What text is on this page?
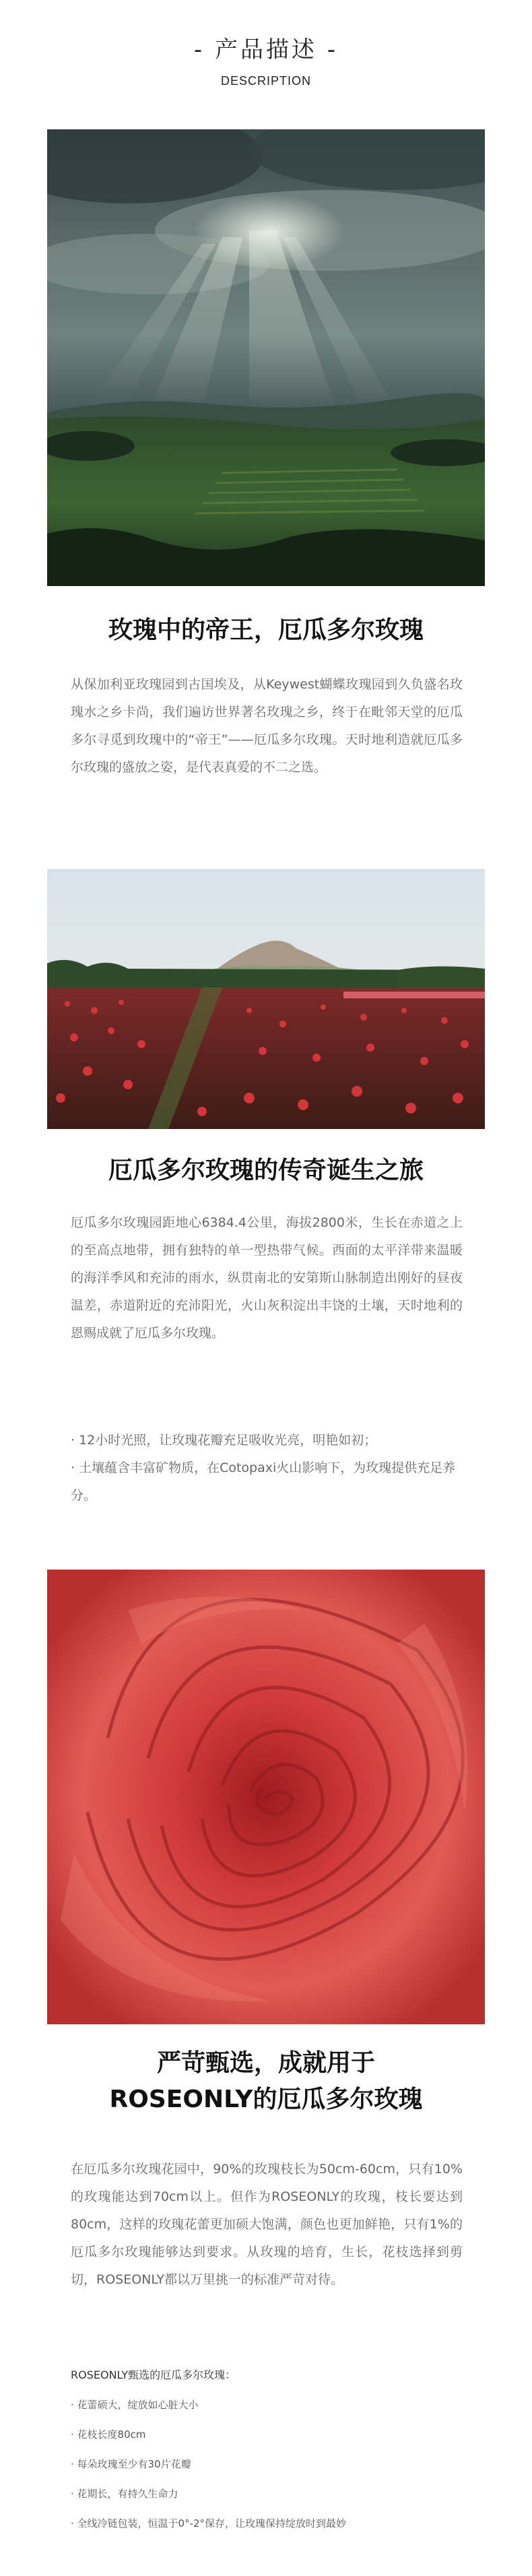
- 产品描述 -
DESCRIPTION
玫瑰中的帝王，厄瓜多尔玫瑰

从保加利亚玫瑰园到古国埃及，从Keywest蝴蝶玫瑰园到久负盛名玫瑰水之乡卡尚，我们遍访世界著名玫瑰之乡，终于在毗邻天堂的厄瓜多尔寻觅到玫瑰中的“帝王”——厄瓜多尔玫瑰。天时地利造就厄瓜多尔玫瑰的盛放之姿，是代表真爱的不二之选。

厄瓜多尔玫瑰的传奇诞生之旅

厄瓜多尔玫瑰园距地心6384.4公里，海拔2800米，生长在赤道之上的至高点地带，拥有独特的单一型热带气候。西面的太平洋带来温暖的海洋季风和充沛的雨水，纵贯南北的安第斯山脉制造出刚好的昼夜温差，赤道附近的充沛阳光，火山灰积淀出丰饶的土壤，天时地利的恩赐成就了厄瓜多尔玫瑰。

· 12小时光照，让玫瑰花瓣充足吸收光亮，明艳如初；
· 土壤蕴含丰富矿物质，在Cotopaxi火山影响下，为玫瑰提供充足养分。
严苛甄选，成就用于
ROSEONLY的厄瓜多尔玫瑰

在厄瓜多尔玫瑰花园中，90%的玫瑰枝长为50cm-60cm，只有10%的玫瑰能达到70cm以上。但作为ROSEONLY的玫瑰，枝长要达到80cm，这样的玫瑰花蕾更加硕大饱满，颜色也更加鲜艳，只有1%的厄瓜多尔玫瑰能够达到要求。从玫瑰的培育，生长，花枝选择到剪切，ROSEONLY都以万里挑一的标准严苛对待。

ROSEONLY甄选的厄瓜多尔玫瑰：
· 花蕾硕大，绽放如心脏大小
· 花枝长度80cm
· 每朵玫瑰至少有30片花瓣
· 花期长，有持久生命力
· 全线冷链包装，恒温于0°-2°保存，让玫瑰保持绽放时到最妙
